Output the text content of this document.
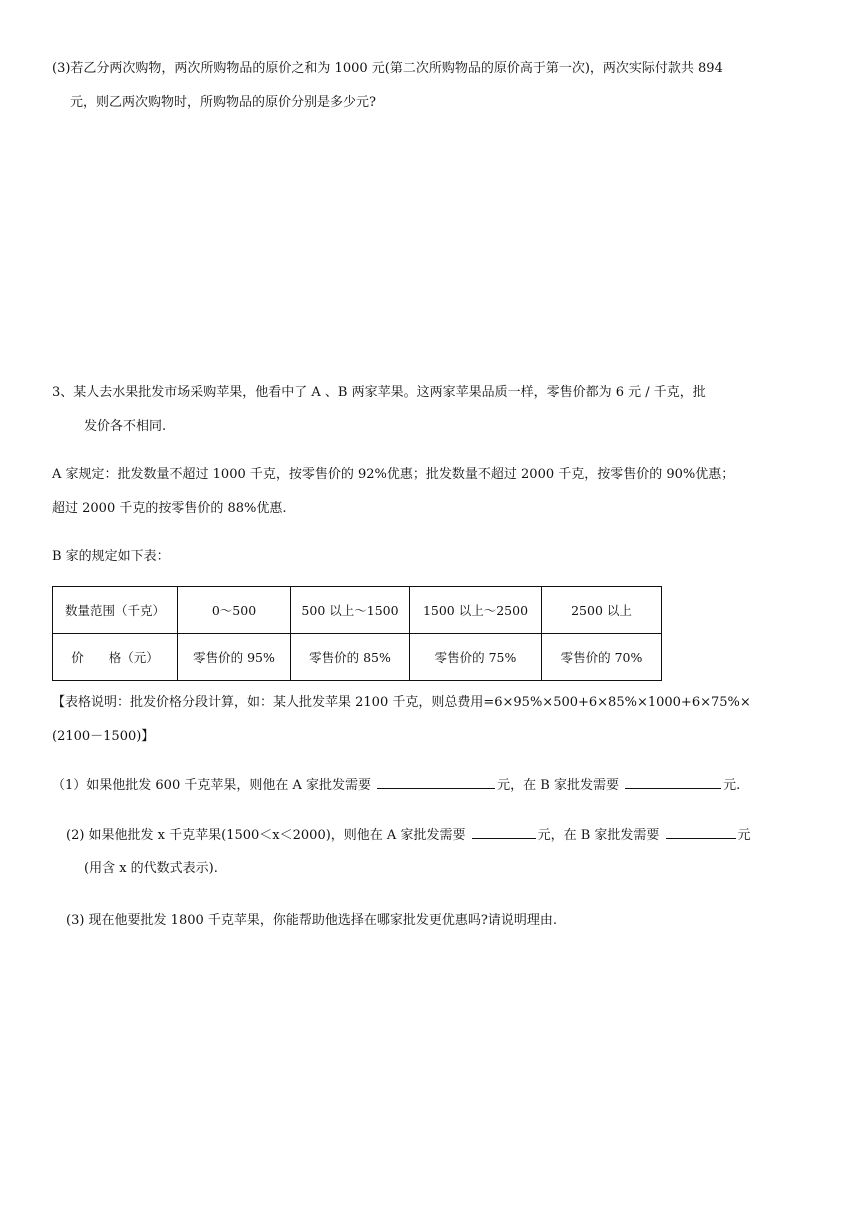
(3)若乙分两次购物，两次所购物品的原价之和为 1000 元(第二次所购物品的原价高于第一次)，两次实际付款共 894
元，则乙两次购物时，所购物品的原价分别是多少元?
3、某人去水果批发市场采购苹果，他看中了 A 、B 两家苹果。这两家苹果品质一样，零售价都为 6 元 / 千克，批
发价各不相同.
A 家规定：批发数量不超过 1000 千克，按零售价的 92%优惠；批发数量不超过 2000 千克，按零售价的 90%优惠；
超过 2000 千克的按零售价的 88%优惠.
B 家的规定如下表：
数量范围（千克）	0～500	500 以上～1500	1500 以上～2500	2500 以上
价　　格（元）	零售价的 95%	零售价的 85%	零售价的 75%	零售价的 70%
【表格说明：批发价格分段计算，如：某人批发苹果 2100 千克，则总费用=6×95%×500+6×85%×1000+6×75%×
(2100－1500)】
（1）如果他批发 600 千克苹果，则他在 A 家批发需要	元，在 B 家批发需要	元.
(2) 如果他批发 x 千克苹果(1500＜x＜2000)，则他在 A 家批发需要	元，在 B 家批发需要	元
(用含 x 的代数式表示).
(3) 现在他要批发 1800 千克苹果，你能帮助他选择在哪家批发更优惠吗?请说明理由.
